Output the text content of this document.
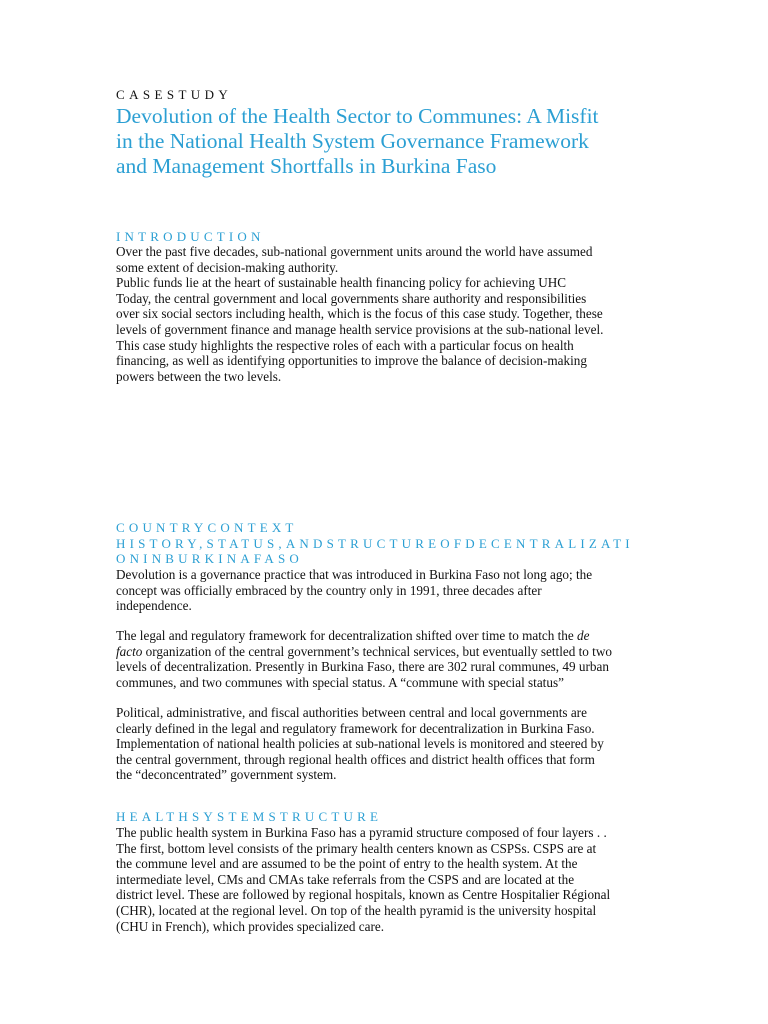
CASESTUDY

Devolution of the Health Sector to Communes: A Misfit
in the National Health System Governance Framework
and Management Shortfalls in Burkina Faso
INTRODUCTION
Over the past five decades, sub-national government units around the world have assumed
some extent of decision-making authority.
Public funds lie at the heart of sustainable health financing policy for achieving UHC
Today, the central government and local governments share authority and responsibilities
over six social sectors including health, which is the focus of this case study. Together, these
levels of government finance and manage health service provisions at the sub-national level.
This case study highlights the respective roles of each with a particular focus on health
financing, as well as identifying opportunities to improve the balance of decision-making
powers between the two levels.
COUNTRYCONTEXT
HISTORY,STATUS,ANDSTRUCTUREOFDECENTRALIZATI
ONINBURKINAFASO
Devolution is a governance practice that was introduced in Burkina Faso not long ago; the
concept was officially embraced by the country only in 1991, three decades after
independence.
The legal and regulatory framework for decentralization shifted over time to match the de
facto organization of the central government’s technical services, but eventually settled to two
levels of decentralization. Presently in Burkina Faso, there are 302 rural communes, 49 urban
communes, and two communes with special status. A “commune with special status”
Political, administrative, and fiscal authorities between central and local governments are
clearly defined in the legal and regulatory framework for decentralization in Burkina Faso.
Implementation of national health policies at sub-national levels is monitored and steered by
the central government, through regional health offices and district health offices that form
the “deconcentrated” government system.
HEALTHSYSTEMSTRUCTURE
The public health system in Burkina Faso has a pyramid structure composed of four layers . .
The first, bottom level consists of the primary health centers known as CSPSs. CSPS are at
the commune level and are assumed to be the point of entry to the health system. At the
intermediate level, CMs and CMAs take referrals from the CSPS and are located at the
district level. These are followed by regional hospitals, known as Centre Hospitalier Régional
(CHR), located at the regional level. On top of the health pyramid is the university hospital
(CHU in French), which provides specialized care.
